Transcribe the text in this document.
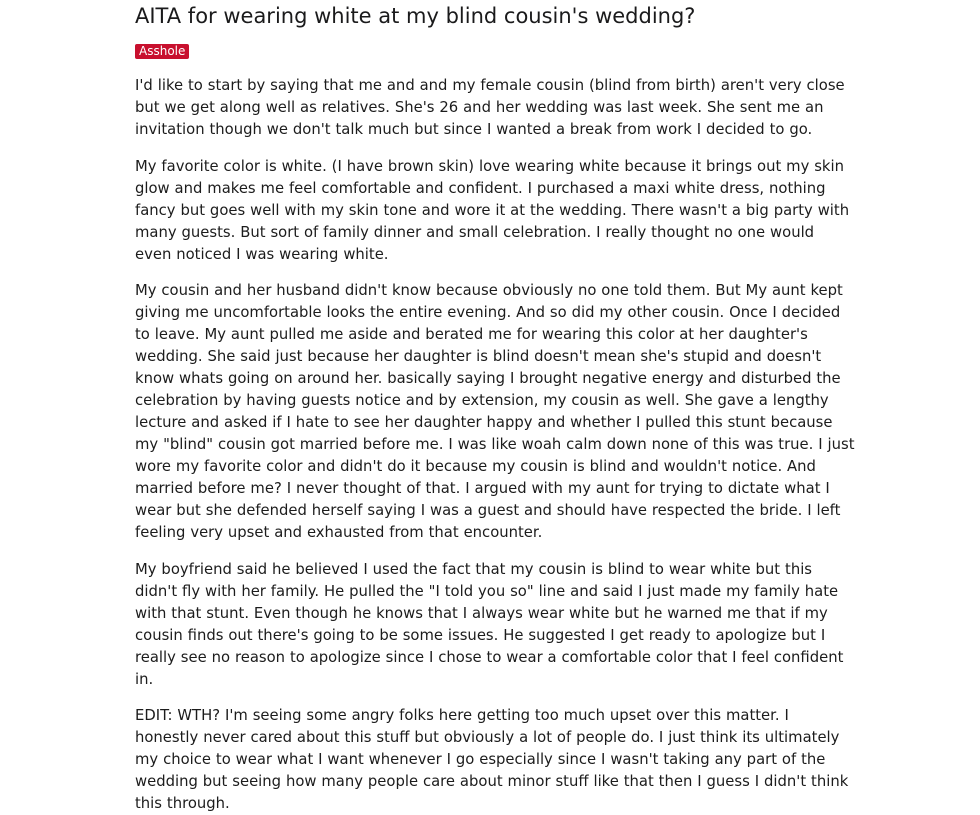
AITA for wearing white at my blind cousin's wedding?
Asshole

I'd like to start by saying that me and and my female cousin (blind from birth) aren't very close but we get along well as relatives. She's 26 and her wedding was last week. She sent me an invitation though we don't talk much but since I wanted a break from work I decided to go.

My favorite color is white. (I have brown skin) love wearing white because it brings out my skin glow and makes me feel comfortable and confident. I purchased a maxi white dress, nothing fancy but goes well with my skin tone and wore it at the wedding. There wasn't a big party with many guests. But sort of family dinner and small celebration. I really thought no one would even noticed I was wearing white.

My cousin and her husband didn't know because obviously no one told them. But My aunt kept giving me uncomfortable looks the entire evening. And so did my other cousin. Once I decided to leave. My aunt pulled me aside and berated me for wearing this color at her daughter's wedding. She said just because her daughter is blind doesn't mean she's stupid and doesn't know whats going on around her. basically saying I brought negative energy and disturbed the celebration by having guests notice and by extension, my cousin as well. She gave a lengthy lecture and asked if I hate to see her daughter happy and whether I pulled this stunt because my "blind" cousin got married before me. I was like woah calm down none of this was true. I just wore my favorite color and didn't do it because my cousin is blind and wouldn't notice. And married before me? I never thought of that. I argued with my aunt for trying to dictate what I wear but she defended herself saying I was a guest and should have respected the bride. I left feeling very upset and exhausted from that encounter.

My boyfriend said he believed I used the fact that my cousin is blind to wear white but this didn't fly with her family. He pulled the "I told you so" line and said I just made my family hate with that stunt. Even though he knows that I always wear white but he warned me that if my cousin finds out there's going to be some issues. He suggested I get ready to apologize but I really see no reason to apologize since I chose to wear a comfortable color that I feel confident in.

EDIT: WTH? I'm seeing some angry folks here getting too much upset over this matter. I honestly never cared about this stuff but obviously a lot of people do. I just think its ultimately my choice to wear what I want whenever I go especially since I wasn't taking any part of the wedding but seeing how many people care about minor stuff like that then I guess I didn't think this through.
